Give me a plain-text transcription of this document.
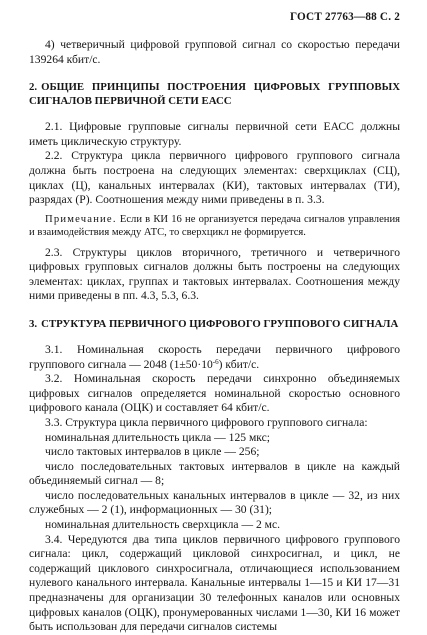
ГОСТ 27763—88 С. 2

4) четверичный цифровой групповой сигнал со скоростью передачи 139264 кбит/с.

2. ОБЩИЕ ПРИНЦИПЫ ПОСТРОЕНИЯ ЦИФРОВЫХ ГРУППОВЫХ СИГНАЛОВ ПЕРВИЧНОЙ СЕТИ ЕАСС

2.1. Цифровые групповые сигналы первичной сети ЕАСС должны иметь циклическую структуру.

2.2. Структура цикла первичного цифрового группового сигнала должна быть построена на следующих элементах: сверхциклах (СЦ), циклах (Ц), канальных интервалах (КИ), тактовых интервалах (ТИ), разрядах (Р). Соотношения между ними приведены в п. 3.3.

Примечание. Если в КИ 16 не организуется передача сигналов управления и взаимодействия между АТС, то сверхцикл не формируется.

2.3. Структуры циклов вторичного, третичного и четверичного цифровых групповых сигналов должны быть построены на следующих элементах: циклах, группах и тактовых интервалах. Соотношения между ними приведены в пп. 4.3, 5.3, 6.3.

3. СТРУКТУРА ПЕРВИЧНОГО ЦИФРОВОГО ГРУППОВОГО СИГНАЛА

3.1. Номинальная скорость передачи первичного цифрового группового сигнала — 2048 $(1\pm 50\cdot 10^{-6})$ кбит/с.

3.2. Номинальная скорость передачи синхронно объединяемых цифровых сигналов определяется номинальной скоростью основного цифрового канала (ОЦК) и составляет 64 кбит/с.

3.3. Структура цикла первичного цифрового группового сигнала:

номинальная длительность цикла — 125 мкс;

число тактовых интервалов в цикле — 256;

число последовательных тактовых интервалов в цикле на каждый объединяемый сигнал — 8;

число последовательных канальных интервалов в цикле — 32, из них служебных — 2 (1), информационных — 30 (31);

номинальная длительность сверхцикла — 2 мс.

3.4. Чередуются два типа циклов первичного цифрового группового сигнала: цикл, содержащий цикловой синхросигнал, и цикл, не содержащий циклового синхросигнала, отличающиеся использованием нулевого канального интервала. Канальные интервалы 1—15 и КИ 17—31 предназначены для организации 30 телефонных каналов или основных цифровых каналов (ОЦК), пронумерованных числами 1—30, КИ 16 может быть использован для передачи сигналов системы
